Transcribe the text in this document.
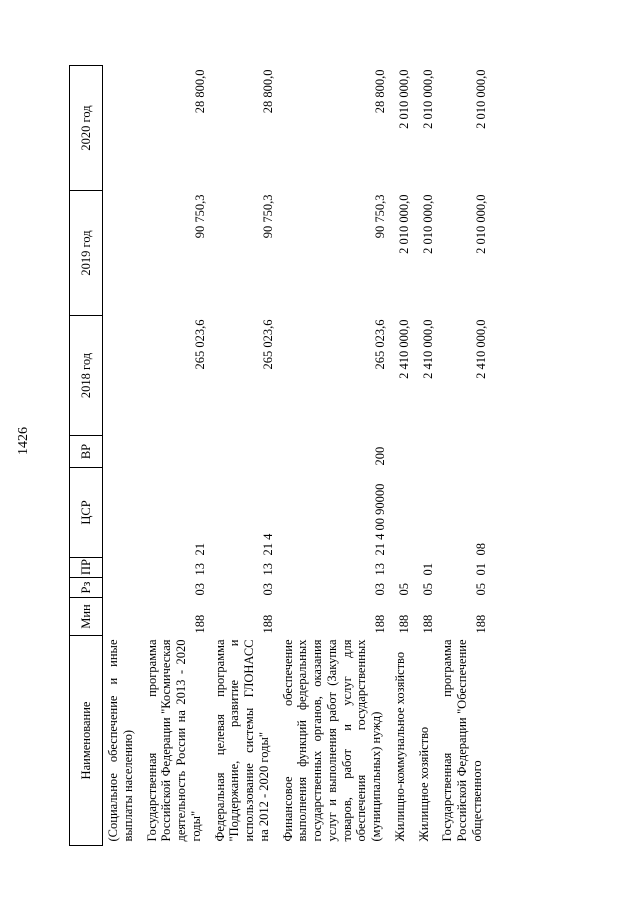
1426
Наименование	Мин	Рз	ПР	ЦСР	ВР	2018 год	2019 год	2020 год
(Социальное обеспечение и иные выплаты населению)								
Государственная программа Российской Федерации "Космическая деятельность России на 2013 - 2020 годы"	188	03	13	21		265 023,6	90 750,3	28 800,0
Федеральная целевая программа "Поддержание, развитие и использование системы ГЛОНАСС на 2012 - 2020 годы"	188	03	13	21 4		265 023,6	90 750,3	28 800,0
Финансовое обеспечение выполнения функций федеральных государственных органов, оказания услуг и выполнения работ (Закупка товаров, работ и услуг для обеспечения государственных (муниципальных) нужд)	188	03	13	21 4 00 90000	200	265 023,6	90 750,3	28 800,0
Жилищно-коммунальное хозяйство	188	05				2 410 000,0	2 010 000,0	2 010 000,0
Жилищное хозяйство	188	05	01			2 410 000,0	2 010 000,0	2 010 000,0
Государственная программа Российской Федерации "Обеспечение общественного	188	05	01	08		2 410 000,0	2 010 000,0	2 010 000,0
